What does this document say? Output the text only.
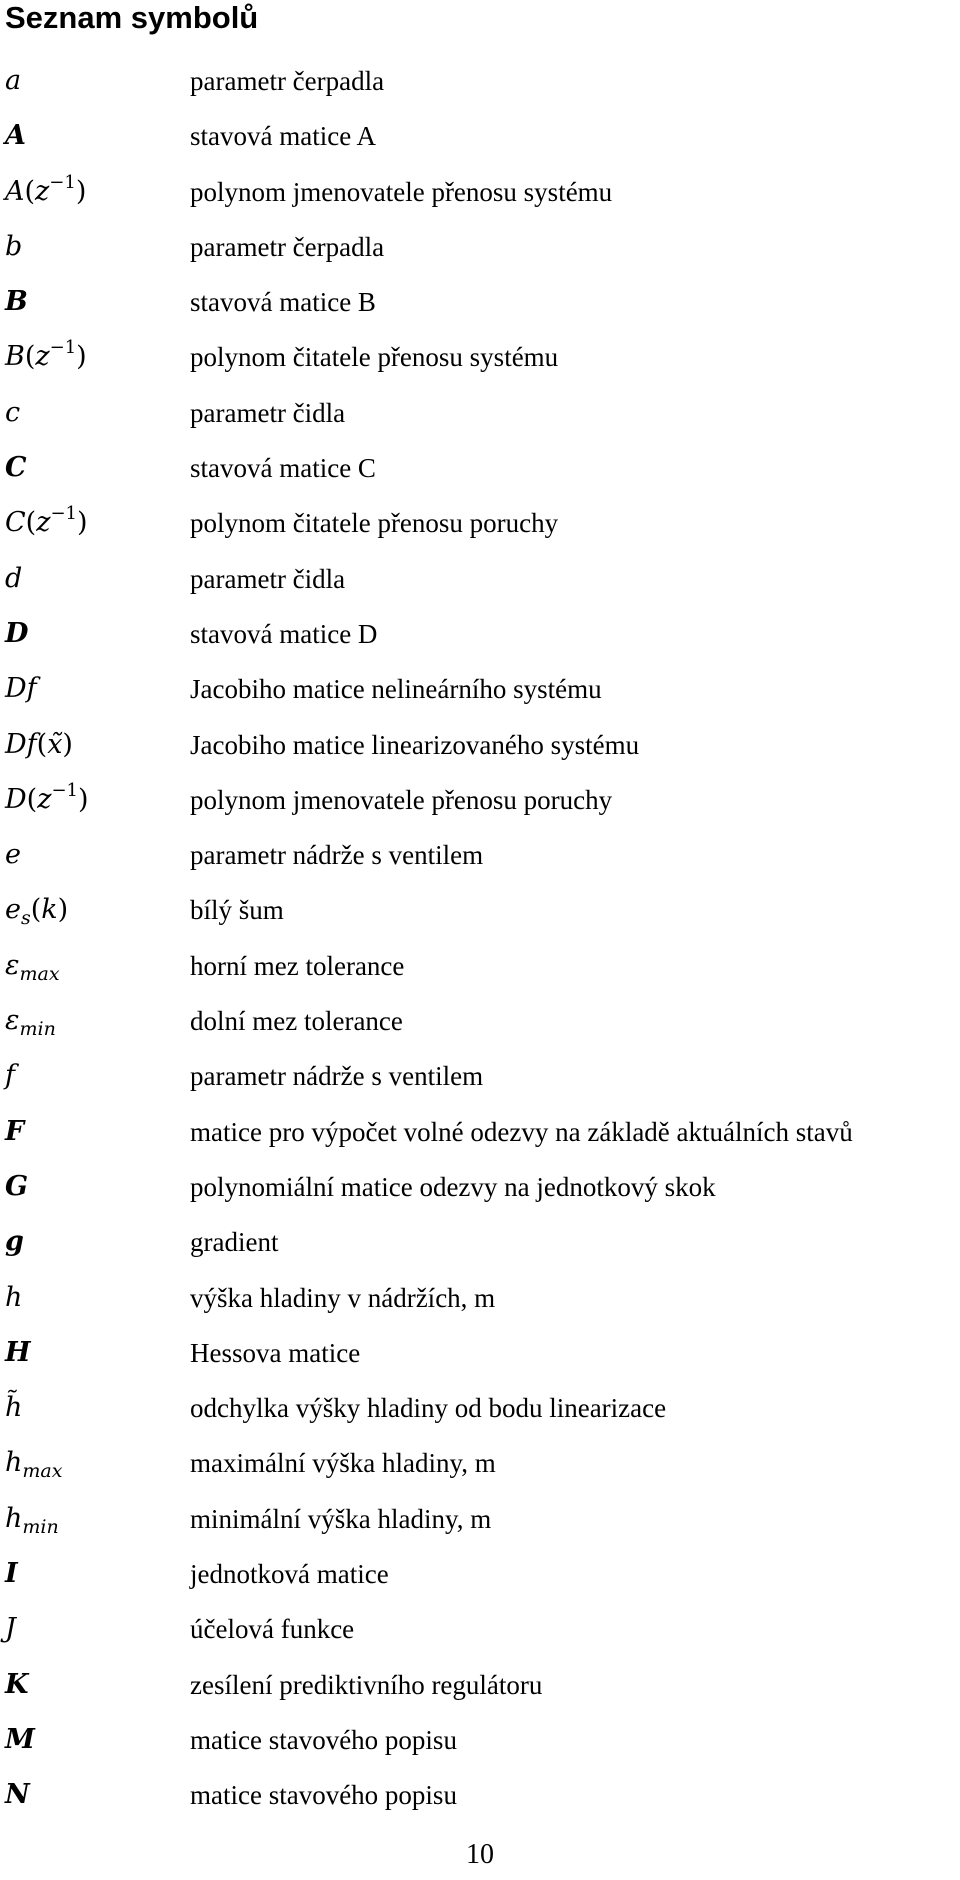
Seznam symbolů
a	parametr čerpadla
A	stavová matice A
$A(z^{-1})$	polynom jmenovatele přenosu systému
b	parametr čerpadla
B	stavová matice B
$B(z^{-1})$	polynom čitatele přenosu systému
c	parametr čidla
C	stavová matice C
$C(z^{-1})$	polynom čitatele přenosu poruchy
d	parametr čidla
D	stavová matice D
Df	Jacobiho matice nelineárního systému
Df(x̃)	Jacobiho matice linearizovaného systému
$D(z^{-1})$	polynom jmenovatele přenosu poruchy
e	parametr nádrže s ventilem
$e_s(k)$	bílý šum
$\varepsilon_{max}$	horní mez tolerance
$\varepsilon_{min}$	dolní mez tolerance
f	parametr nádrže s ventilem
F	matice pro výpočet volné odezvy na základě aktuálních stavů
G	polynomiální matice odezvy na jednotkový skok
g	gradient
h	výška hladiny v nádržích, m
H	Hessova matice
h̃	odchylka výšky hladiny od bodu linearizace
$h_{max}$	maximální výška hladiny, m
$h_{min}$	minimální výška hladiny, m
I	jednotková matice
J	účelová funkce
K	zesílení prediktivního regulátoru
M	matice stavového popisu
N	matice stavového popisu
10
